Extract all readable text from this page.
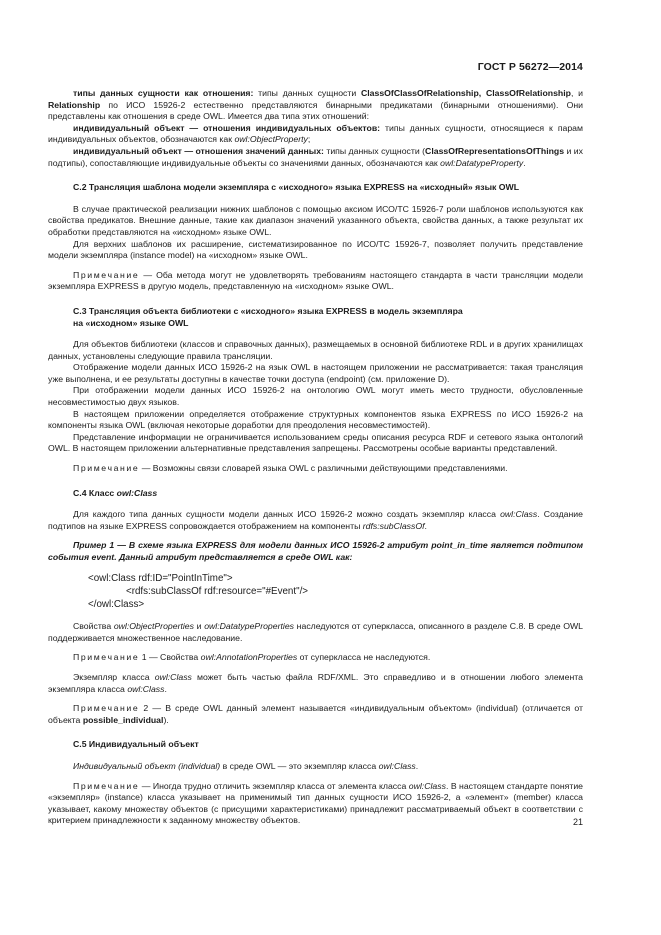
ГОСТ Р 56272—2014

типы данных сущности как отношения: типы данных сущности ClassOfClassOfRelationship, ClassOfRelationship, и Relationship по ИСО 15926-2 естественно представляются бинарными предикатами (бинарными отношениями). Они представлены как отношения в среде OWL. Имеется два типа этих отношений:

индивидуальный объект — отношения индивидуальных объектов: типы данных сущности, относящиеся к парам индивидуальных объектов, обозначаются как owl:ObjectProperty;

индивидуальный объект — отношения значений данных: типы данных сущности (ClassOfRepresentationsOfThings и их подтипы), сопоставляющие индивидуальные объекты со значениями данных, обозначаются как owl:DatatypeProperty.

С.2 Трансляция шаблона модели экземпляра с «исходного» языка EXPRESS на «исходный» язык OWL

В случае практической реализации нижних шаблонов с помощью аксиом ИСО/ТС 15926-7 роли шаблонов используются как свойства предикатов. Внешние данные, такие как диапазон значений указанного объекта, свойства данных, а также результат их обработки представляются на «исходном» языке OWL.

Для верхних шаблонов их расширение, систематизированное по ИСО/ТС 15926-7, позволяет получить представление модели экземпляра (instance model) на «исходном» языке OWL.

Примечание — Оба метода могут не удовлетворять требованиям настоящего стандарта в части трансляции модели экземпляра EXPRESS в другую модель, представленную на «исходном» языке OWL.

С.3 Трансляция объекта библиотеки с «исходного» языка EXPRESS в модель экземпляра
на «исходном» языке OWL

Для объектов библиотеки (классов и справочных данных), размещаемых в основной библиотеке RDL и в других хранилищах данных, установлены следующие правила трансляции.

Отображение модели данных ИСО 15926-2 на язык OWL в настоящем приложении не рассматривается: такая трансляция уже выполнена, и ее результаты доступны в качестве точки доступа (endpoint) (см. приложение D).

При отображении модели данных ИСО 15926-2 на онтологию OWL могут иметь место трудности, обусловленные несовместимостью двух языков.

В настоящем приложении определяется отображение структурных компонентов языка EXPRESS по ИСО 15926-2 на компоненты языка OWL (включая некоторые доработки для преодоления несовместимостей).

Представление информации не ограничивается использованием среды описания ресурса RDF и сетевого языка онтологий OWL. В настоящем приложении альтернативные представления запрещены. Рассмотрены особые варианты представлений.

Примечание — Возможны связи словарей языка OWL с различными действующими представлениями.

С.4 Класс owl:Class

Для каждого типа данных сущности модели данных ИСО 15926-2 можно создать экземпляр класса owl:Class. Создание подтипов на языке EXPRESS сопровождается отображением на компоненты rdfs:subClassOf.

Пример 1 — В схеме языка EXPRESS для модели данных ИСО 15926-2 атрибут point_in_time является подтипом события event. Данный атрибут представляется в среде OWL как:

<owl:Class rdf:ID="PointInTime">
<rdfs:subClassOf rdf:resource="#Event"/>
</owl:Class>

Свойства owl:ObjectProperties и owl:DatatypeProperties наследуются от суперкласса, описанного в разделе С.8. В среде OWL поддерживается множественное наследование.

Примечание 1 — Свойства owl:AnnotationProperties от суперкласса не наследуются.

Экземпляр класса owl:Class может быть частью файла RDF/XML. Это справедливо и в отношении любого элемента экземпляра класса owl:Class.

Примечание 2 — В среде OWL данный элемент называется «индивидуальным объектом» (individual) (отличается от объекта possible_individual).

С.5 Индивидуальный объект

Индивидуальный объект (individual) в среде OWL — это экземпляр класса owl:Class.

Примечание — Иногда трудно отличить экземпляр класса от элемента класса owl:Class. В настоящем стандарте понятие «экземпляр» (instance) класса указывает на применимый тип данных сущности ИСО 15926-2, а «элемент» (member) класса указывает, какому множеству объектов (с присущими характеристиками) принадлежит рассматриваемый объект в соответствии с критерием принадлежности к заданному множеству объектов.	21
